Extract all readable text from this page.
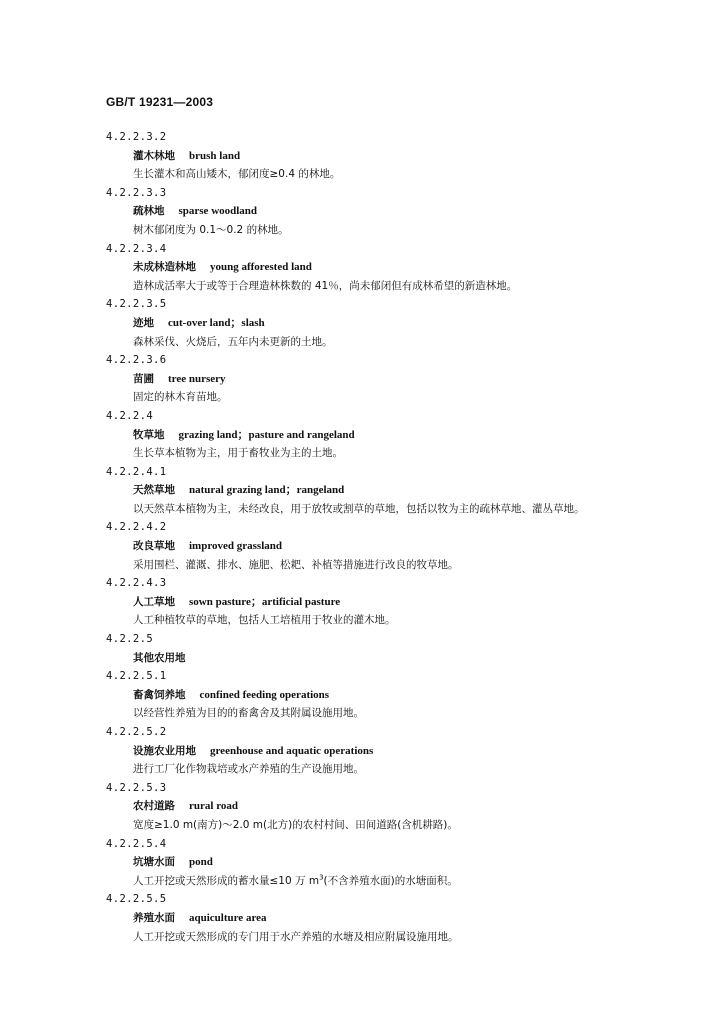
GB/T 19231—2003
4.2.2.3.2
灌木林地 brush land
生长灌木和高山矮木，郁闭度≥0.4 的林地。
4.2.2.3.3
疏林地 sparse woodland
树木郁闭度为 0.1～0.2 的林地。
4.2.2.3.4
未成林造林地 young afforested land
造林成活率大于或等于合理造林株数的 41％，尚未郁闭但有成林希望的新造林地。
4.2.2.3.5
迹地 cut-over land；slash
森林采伐、火烧后，五年内未更新的土地。
4.2.2.3.6
苗圃 tree nursery
固定的林木育苗地。
4.2.2.4
牧草地 grazing land；pasture and rangeland
生长草本植物为主，用于畜牧业为主的土地。
4.2.2.4.1
天然草地 natural grazing land；rangeland
以天然草本植物为主，未经改良，用于放牧或割草的草地，包括以牧为主的疏林草地、灌丛草地。
4.2.2.4.2
改良草地 improved grassland
采用围栏、灌溉、排水、施肥、松耙、补植等措施进行改良的牧草地。
4.2.2.4.3
人工草地 sown pasture；artificial pasture
人工种植牧草的草地，包括人工培植用于牧业的灌木地。
4.2.2.5
其他农用地
4.2.2.5.1
畜禽饲养地 confined feeding operations
以经营性养殖为目的的畜禽舍及其附属设施用地。
4.2.2.5.2
设施农业用地 greenhouse and aquatic operations
进行工厂化作物栽培或水产养殖的生产设施用地。
4.2.2.5.3
农村道路 rural road
宽度≥1.0 m(南方)～2.0 m(北方)的农村村间、田间道路(含机耕路)。
4.2.2.5.4
坑塘水面 pond
人工开挖或天然形成的蓄水量≤10 万 $m^3$(不含养殖水面)的水塘面积。
4.2.2.5.5
养殖水面 aquiculture area
人工开挖或天然形成的专门用于水产养殖的水塘及相应附属设施用地。
